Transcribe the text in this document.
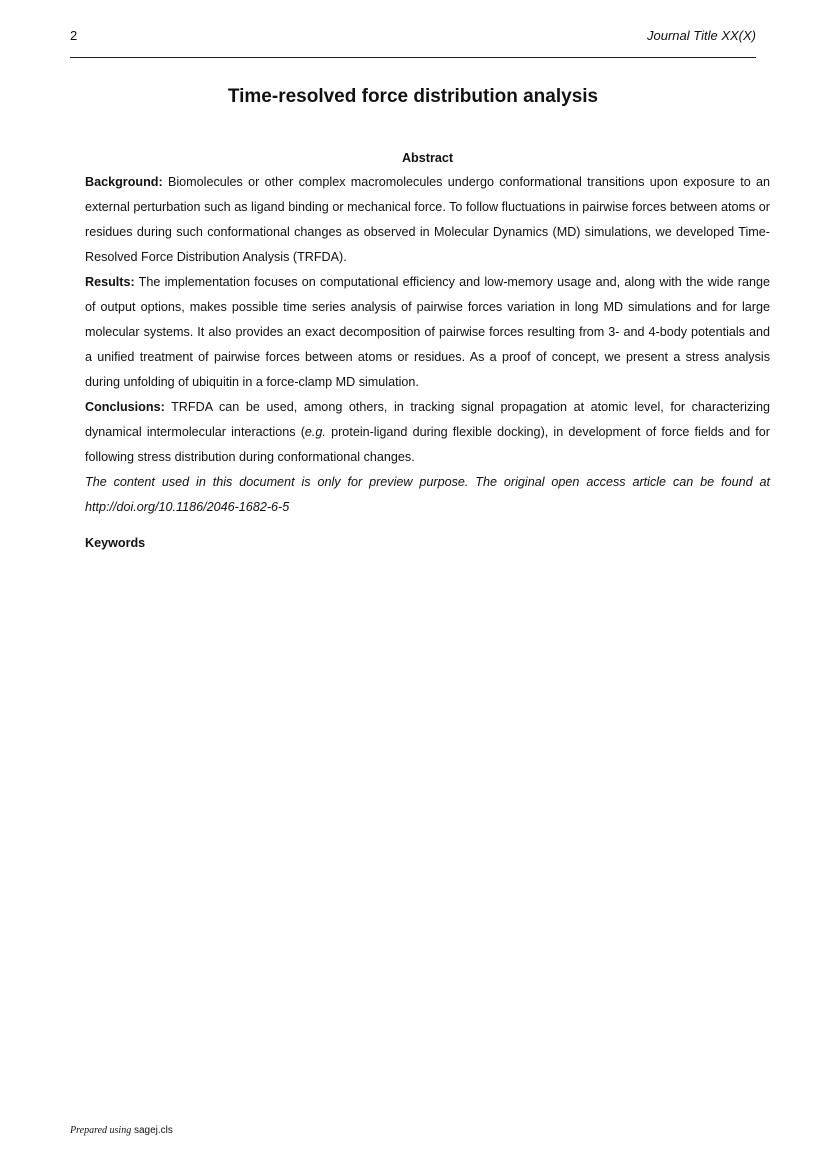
2	Journal Title XX(X)
Time-resolved force distribution analysis

Abstract

Background: Biomolecules or other complex macromolecules undergo conformational transitions upon exposure to an external perturbation such as ligand binding or mechanical force. To follow fluctuations in pairwise forces between atoms or residues during such conformational changes as observed in Molecular Dynamics (MD) simulations, we developed Time-Resolved Force Distribution Analysis (TRFDA).

Results: The implementation focuses on computational efficiency and low-memory usage and, along with the wide range of output options, makes possible time series analysis of pairwise forces variation in long MD simulations and for large molecular systems. It also provides an exact decomposition of pairwise forces resulting from 3- and 4-body potentials and a unified treatment of pairwise forces between atoms or residues. As a proof of concept, we present a stress analysis during unfolding of ubiquitin in a force-clamp MD simulation.

Conclusions: TRFDA can be used, among others, in tracking signal propagation at atomic level, for characterizing dynamical intermolecular interactions (e.g. protein-ligand during flexible docking), in development of force fields and for following stress distribution during conformational changes.

The content used in this document is only for preview purpose. The original open access article can be found at http://doi.org/10.1186/2046-1682-6-5

Keywords

Prepared using sagej.cls
